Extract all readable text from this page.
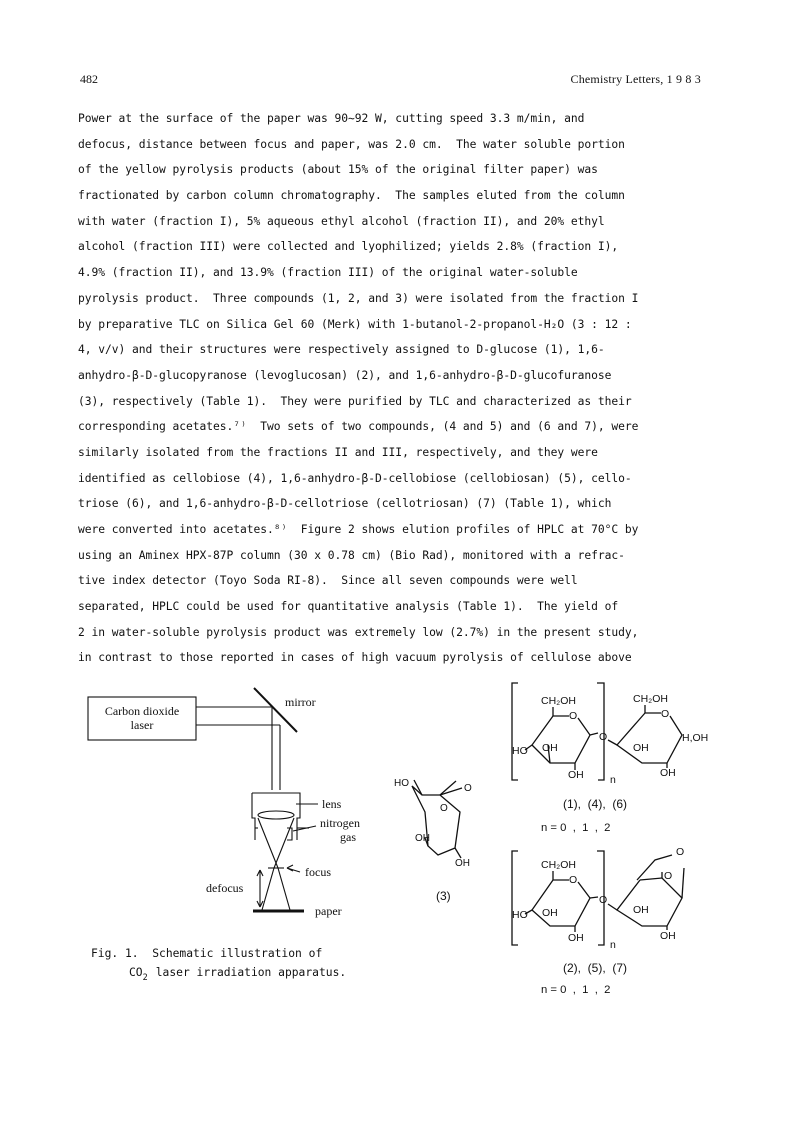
482	Chemistry Letters, 1 9 8 3
Power at the surface of the paper was 90∼92 W, cutting speed 3.3 m/min, and
defocus, distance between focus and paper, was 2.0 cm.  The water soluble portion
of the yellow pyrolysis products (about 15% of the original filter paper) was
fractionated by carbon column chromatography.  The samples eluted from the column
with water (fraction I), 5% aqueous ethyl alcohol (fraction II), and 20% ethyl
alcohol (fraction III) were collected and lyophilized; yields 2.8% (fraction I),
4.9% (fraction II), and 13.9% (fraction III) of the original water-soluble
pyrolysis product.  Three compounds (1, 2, and 3) were isolated from the fraction I
by preparative TLC on Silica Gel 60 (Merk) with 1-butanol-2-propanol-H₂O (3 : 12 :
4, v/v) and their structures were respectively assigned to D-glucose (1), 1,6-
anhydro-β-D-glucopyranose (levoglucosan) (2), and 1,6-anhydro-β-D-glucofuranose
(3), respectively (Table 1).  They were purified by TLC and characterized as their
corresponding acetates.⁷⁾  Two sets of two compounds, (4 and 5) and (6 and 7), were
similarly isolated from the fractions II and III, respectively, and they were
identified as cellobiose (4), 1,6-anhydro-β-D-cellobiose (cellobiosan) (5), cello-
triose (6), and 1,6-anhydro-β-D-cellotriose (cellotriosan) (7) (Table 1), which
were converted into acetates.⁸⁾  Figure 2 shows elution profiles of HPLC at 70°C by
using an Aminex HPX-87P column (30 x 0.78 cm) (Bio Rad), monitored with a refrac-
tive index detector (Toyo Soda RI-8).  Since all seven compounds were well
separated, HPLC could be used for quantitative analysis (Table 1).  The yield of
2 in water-soluble pyrolysis product was extremely low (2.7%) in the present study,
in contrast to those reported in cases of high vacuum pyrolysis of cellulose above
Carbon dioxide
laser
mirror
lens
nitrogen
gas
focus
defocus
paper
Fig. 1.  Schematic illustration of
$CO_2$ laser irradiation apparatus.
HO	O
O
OH
OH
(3)
CH₂OH
O
HO OH
OH	n
O
CH₂OH
O
H,OH
OH
OH
(1),  (4),  (6)
n = 0  ,  1  ,  2
CH₂OH
O
HO OH
OH
n
O
O
O
OH
OH
(2),  (5),  (7)
n = 0  ,  1  ,  2
